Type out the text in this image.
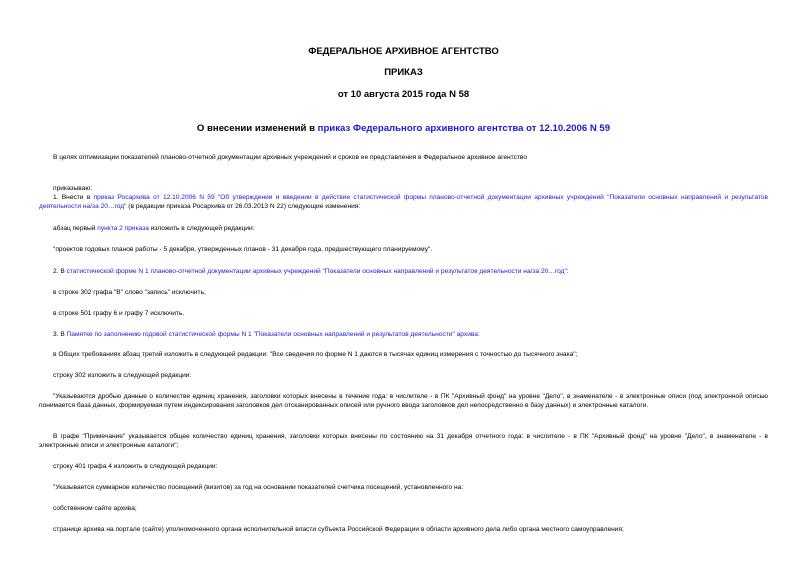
ФЕДЕРАЛЬНОЕ АРХИВНОЕ АГЕНТСТВО
ПРИКАЗ
от 10 августа 2015 года N 58
О внесении изменений в приказ Федерального архивного агентства от 12.10.2006 N 59
В целях оптимизации показателей планово-отчетной документации архивных учреждений и сроков ее представления в Федеральное архивное агентство
приказываю:
1. Внести в приказ Росархива от 12.10.2006 N 59 "Об утверждении и введении в действие статистической формы планово-отчетной документации архивных учреждений "Показатели основных направлений и результатов деятельности на/за 20…год" (в редакции приказа Росархива от 26.03.2013 N 22) следующие изменения:
абзац первый пункта 2 приказа изложить в следующей редакции:
"проектов годовых планов работы - 5 декабря, утвержденных планов - 31 декабря года, предшествующего планируемому".
2. В статистической форме N 1 планово-отчетной документации архивных учреждений "Показатели основных направлений и результатов деятельности на/за 20…год":
в строке 302 графа "В" слово "запись" исключить;
в строке 501 графу 6 и графу 7 исключить.
3. В Памятке по заполнению годовой статистической формы N 1 "Показатели основных направлений и результатов деятельности" архива:
в Общих требованиях абзац третий изложить в следующей редакции: "Все сведения по форме N 1 даются в тысячах единиц измерения с точностью до тысячного знака";
строку 302 изложить в следующей редакции:
"Указываются дробью данные о количестве единиц хранения, заголовки которых внесены в течение года: в числителе - в ПК "Архивный фонд" на уровне "Дело", в знаменателе - в электронные описи (под электронной описью понимается база данных, формируемая путем индексирования заголовков дел отсканированных описей или ручного ввода заголовков дел непосредственно в базу данных) и электронные каталоги.
В графе "Примечание" указывается общее количество единиц хранения, заголовки которых внесены по состоянию на 31 декабря отчетного года: в числителе - в ПК "Архивный фонд" на уровне "Дело", в знаменателе - в электронные описи и электронные каталоги";
строку 401 графа 4 изложить в следующей редакции:
"Указывается суммарное количество посещений (визитов) за год на основании показателей счетчика посещений, установленного на:
собственном сайте архива;
странице архива на портале (сайте) уполномоченного органа исполнительной власти субъекта Российской Федерации в области архивного дела либо органа местного самоуправления;
